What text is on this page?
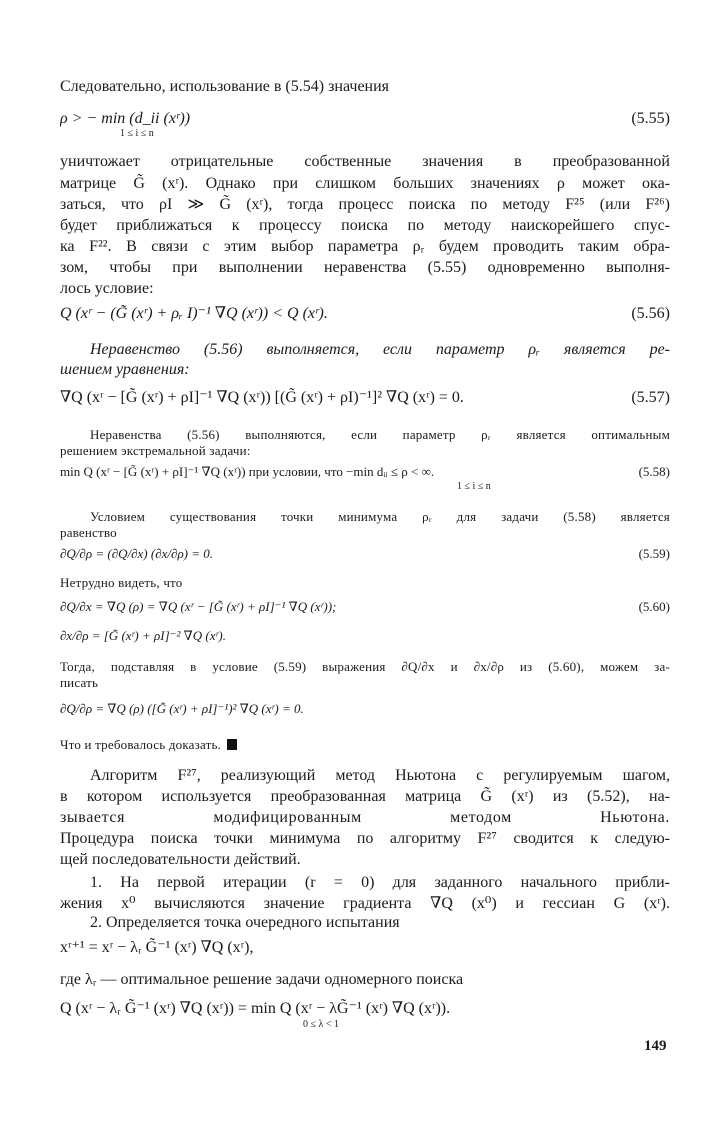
Следовательно, использование в (5.54) значения
ρ > − min (d_ii (xʳ))	(5.55)
1 ≤ i ≤ n
уничтожает отрицательные собственные значения в преобразованной
матрице G̃ (xʳ). Однако при слишком больших значениях ρ может ока-
заться, что ρI ≫ G̃ (xʳ), тогда процесс поиска по методу F²⁵ (или F²⁶)
будет приближаться к процессу поиска по методу наискорейшего спус-
ка F²². В связи с этим выбор параметра ρᵣ будем проводить таким обра-
зом, чтобы при выполнении неравенства (5.55) одновременно выполня-
лось условие:
Q (xʳ − (G̃ (xʳ) + ρᵣ I)⁻¹ ∇Q (xʳ)) < Q (xʳ).	(5.56)
Неравенство (5.56) выполняется, если параметр ρᵣ является ре-
шением уравнения:
∇Q (xʳ − [G̃ (xʳ) + ρI]⁻¹ ∇Q (xʳ)) [(G̃ (xʳ) + ρI)⁻¹]² ∇Q (xʳ) = 0.	(5.57)
Неравенства (5.56) выполняются, если параметр ρᵣ является оптимальным
решением экстремальной задачи:
min Q (xʳ − [G̃ (xʳ) + ρI]⁻¹ ∇Q (xʳ)) при условии, что −min dᵢᵢ ≤ ρ < ∞.	(5.58)
1 ≤ i ≤ n
Условием существования точки минимума ρᵣ для задачи (5.58) является
равенство
∂Q/∂ρ = (∂Q/∂x) (∂x/∂ρ) = 0.	(5.59)
Нетрудно видеть, что
∂Q/∂x = ∇Q (ρ) = ∇Q (xʳ − [G̃ (xʳ) + ρI]⁻¹ ∇Q (xʳ));	(5.60)
∂x/∂ρ = [G̃ (xʳ) + ρI]⁻² ∇Q (xʳ).
Тогда, подставляя в условие (5.59) выражения ∂Q/∂x и ∂x/∂ρ из (5.60), можем за-
писать
∂Q/∂ρ = ∇Q (ρ) ([G̃ (xʳ) + ρI]⁻¹)² ∇Q (xʳ) = 0.
Что и требовалось доказать.
Алгоритм F²⁷, реализующий метод Ньютона с регулируемым шагом,
в котором используется преобразованная матрица G̃ (xʳ) из (5.52), на-
зывается модифицированным методом Ньютона.
Процедура поиска точки минимума по алгоритму F²⁷ сводится к следую-
щей последовательности действий.
1. На первой итерации (r = 0) для заданного начального прибли-
жения x⁰ вычисляются значение градиента ∇Q (x⁰) и гессиан G (xʳ).
2. Определяется точка очередного испытания
xʳ⁺¹ = xʳ − λᵣ G̃⁻¹ (xʳ) ∇Q (xʳ),
где λᵣ — оптимальное решение задачи одномерного поиска
Q (xʳ − λᵣ G̃⁻¹ (xʳ) ∇Q (xʳ)) = min Q (xʳ − λG̃⁻¹ (xʳ) ∇Q (xʳ)).
0 ≤ λ < 1
149
